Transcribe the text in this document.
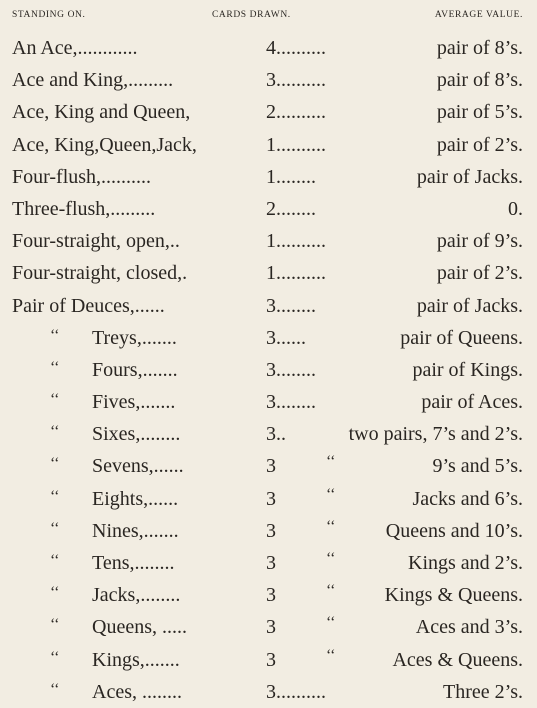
STANDING ON.	CARDS DRAWN.	AVERAGE VALUE.
An Ace,............	4..........	pair of 8’s.
Ace and King,.........	3..........	pair of 8’s.
Ace, King and Queen,	2..........	pair of 5’s.
Ace, King,Queen,Jack,	1..........	pair of 2’s.
Four-flush,..........	1........	pair of Jacks.
Three-flush,.........	2........	0.
Four-straight, open,..	1..........	pair of 9’s.
Four-straight, closed,.	1..........	pair of 2’s.
Pair of Deuces,......	3........	pair of Jacks.
‘‘ Treys,.......	3......	pair of Queens.
‘‘ Fours,.......	3........	pair of Kings.
‘‘ Fives,.......	3........	pair of Aces.
‘‘ Sixes,........	3..	two pairs, 7’s and 2’s.
‘‘ Sevens,......	3	‘‘	9’s and 5’s.
‘‘ Eights,......	3	‘‘	Jacks and 6’s.
‘‘ Nines,.......	3	‘‘	Queens and 10’s.
‘‘ Tens,........	3	‘‘	Kings and 2’s.
‘‘ Jacks,........	3	‘‘ Kings & Queens.
‘‘ Queens, .....	3	‘‘	Aces and 3’s.
‘‘ Kings,.......	3	‘‘	Aces & Queens.
‘‘ Aces, ........	3..........	Three 2’s.
